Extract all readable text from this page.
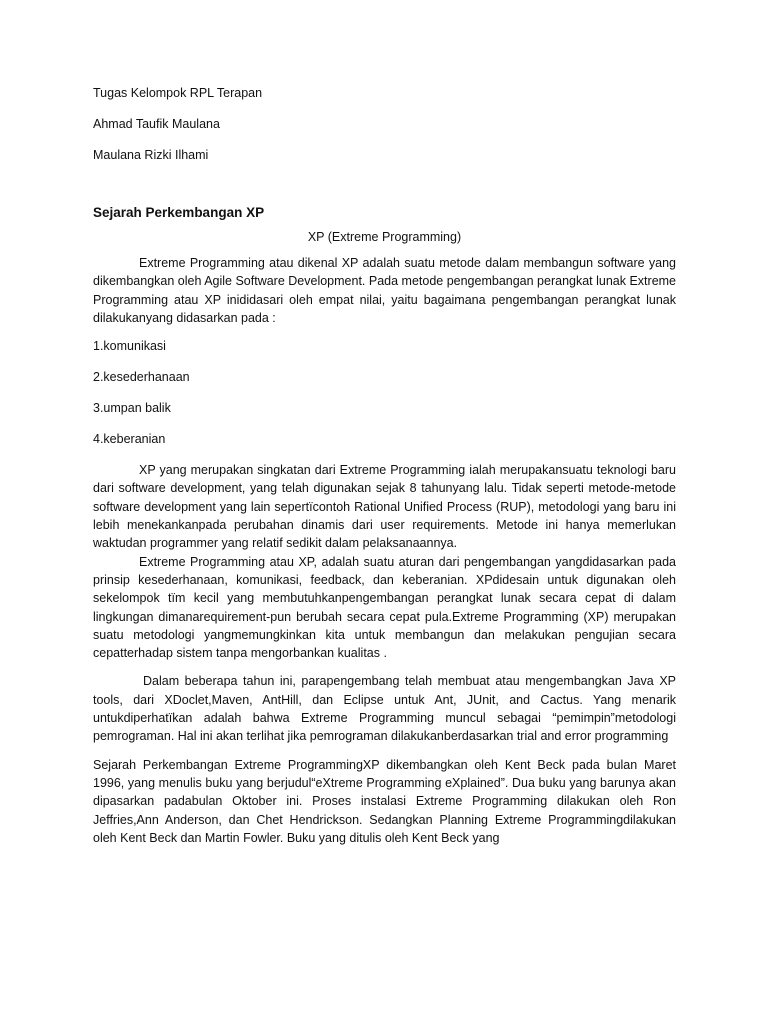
Tugas Kelompok RPL Terapan
Ahmad Taufik Maulana
Maulana Rizki Ilhami
Sejarah Perkembangan XP
XP (Extreme Programming)

Extreme Programming atau dikenal XP adalah suatu metode dalam membangun software yang dikembangkan oleh Agile Software Development. Pada metode pengembangan perangkat lunak Extreme Programming atau XP inididasari oleh empat nilai, yaitu bagaimana pengembangan perangkat lunak dilakukanyang didasarkan pada :

1.komunikasi
2.kesederhanaan
3.umpan balik
4.keberanian

XP yang merupakan singkatan dari Extreme Programming ialah merupakansuatu teknologi baru dari software development, yang telah digunakan sejak 8 tahunyang lalu. Tidak seperti metode-metode software development yang lain sepertïcontoh Rational Unified Process (RUP), metodologi yang baru ini lebih menekankanpada perubahan dinamis dari user requirements. Metode ini hanya memerlukan waktudan programmer yang relatif sedikit dalam pelaksanaannya.

Extreme Programming atau XP, adalah suatu aturan dari pengembangan yangdidasarkan pada prinsip kesederhanaan, komunikasi, feedback, dan keberanian. XPdidesain untuk digunakan oleh sekelompok tïm kecil yang membutuhkanpengembangan perangkat lunak secara cepat di dalam lingkungan dimanarequirement-pun berubah secara cepat pula.Extreme Programming (XP) merupakan suatu metodologi yangmemungkinkan kita untuk membangun dan melakukan pengujian secara cepatterhadap sistem tanpa mengorbankan kualitas .

Dalam beberapa tahun ini, parapengembang telah membuat atau mengembangkan Java XP tools, dari XDoclet,Maven, AntHill, dan Eclipse untuk Ant, JUnit, and Cactus. Yang menarik untukdiperhatïkan adalah bahwa Extreme Programming muncul sebagai “pemimpin”metodologi pemrograman. Hal ini akan terlihat jika pemrograman dilakukanberdasarkan trial and error programming

Sejarah Perkembangan Extreme ProgrammingXP dikembangkan oleh Kent Beck pada bulan Maret 1996, yang menulis buku yang berjudul“eXtreme Programming eXplained”. Dua buku yang barunya akan dipasarkan padabulan Oktober ini. Proses instalasi Extreme Programming dilakukan oleh Ron Jeffries,Ann Anderson, dan Chet Hendrickson. Sedangkan Planning Extreme Programmingdilakukan oleh Kent Beck dan Martin Fowler. Buku yang ditulis oleh Kent Beck yang
